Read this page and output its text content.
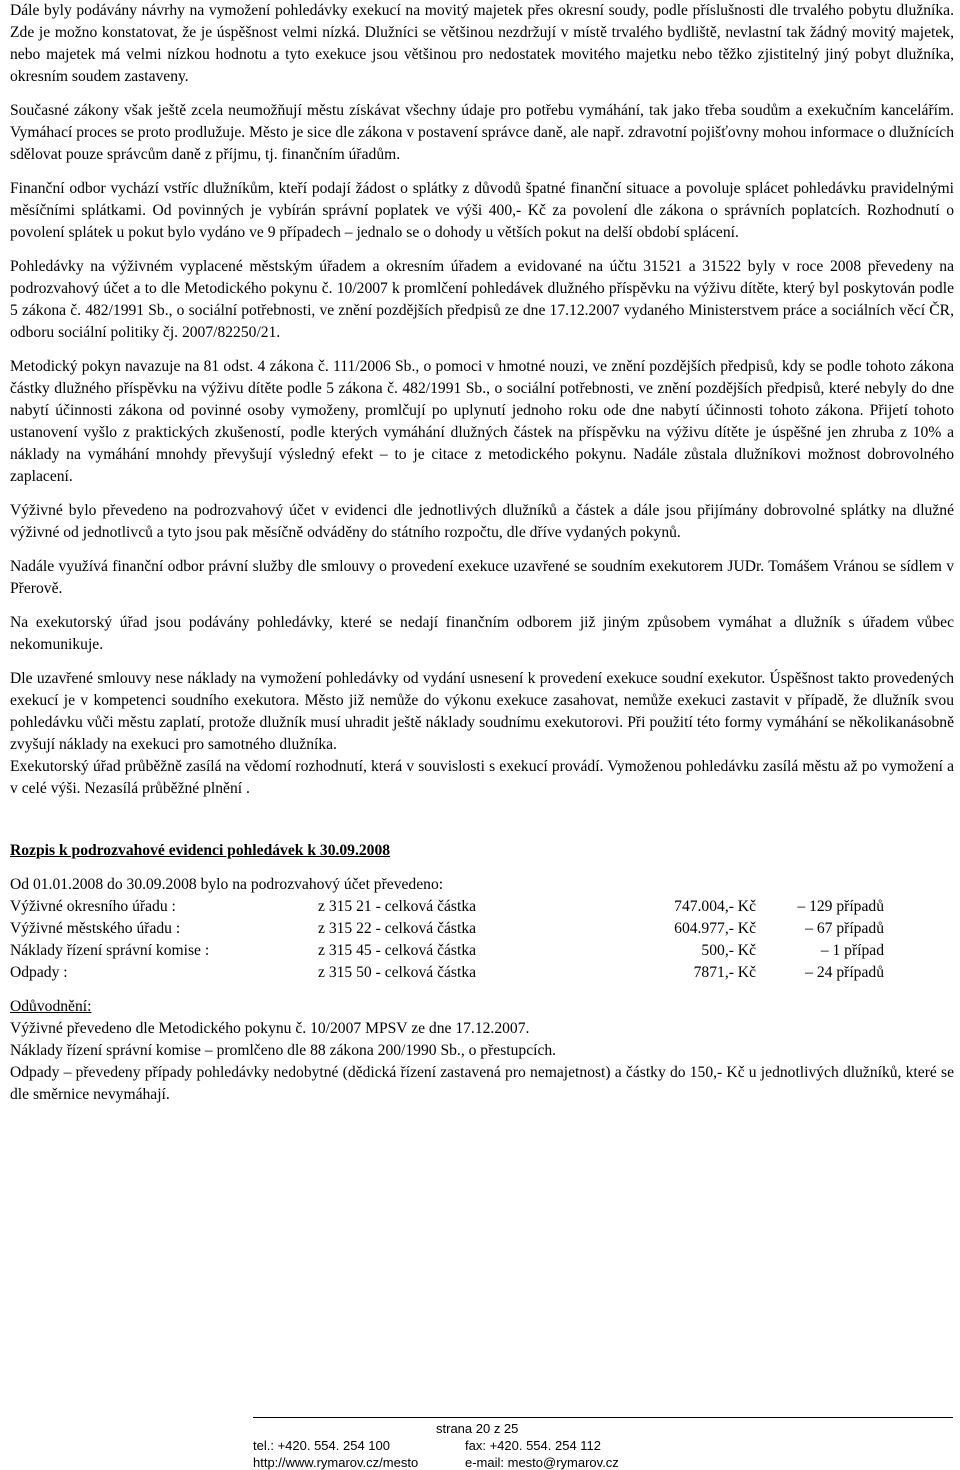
Dále byly podávány návrhy na vymožení pohledávky exekucí na movitý majetek přes okresní soudy, podle příslušnosti dle trvalého pobytu dlužníka. Zde je možno konstatovat, že je úspěšnost velmi nízká. Dlužníci se většinou nezdržují v místě trvalého bydliště, nevlastní tak žádný movitý majetek, nebo majetek má velmi nízkou hodnotu a tyto exekuce jsou většinou pro nedostatek movitého majetku nebo těžko zjistitelný jiný pobyt dlužníka, okresním soudem zastaveny.

Současné zákony však ještě zcela neumožňují městu získávat všechny údaje pro potřebu vymáhání, tak jako třeba soudům a exekučním kancelářím. Vymáhací proces se proto prodlužuje. Město je sice dle zákona v postavení správce daně, ale např. zdravotní pojišťovny mohou informace o dlužnících sdělovat pouze správcům daně z příjmu, tj. finančním úřadům.

Finanční odbor vychází vstříc dlužníkům, kteří podají žádost o splátky z důvodů špatné finanční situace a povoluje splácet pohledávku pravidelnými měsíčními splátkami. Od povinných je vybírán správní poplatek ve výši 400,- Kč za povolení dle zákona o správních poplatcích. Rozhodnutí o povolení splátek u pokut bylo vydáno ve 9 případech – jednalo se o dohody u větších pokut na delší období splácení.

Pohledávky na výživném vyplacené městským úřadem a okresním úřadem a evidované na účtu 31521 a 31522 byly v roce 2008 převedeny na podrozvahový účet a to dle Metodického pokynu č. 10/2007 k promlčení pohledávek dlužného příspěvku na výživu dítěte, který byl poskytován podle 5 zákona č. 482/1991 Sb., o sociální potřebnosti, ve znění pozdějších předpisů ze dne 17.12.2007 vydaného Ministerstvem práce a sociálních věcí ČR, odboru sociální politiky čj. 2007/82250/21.

Metodický pokyn navazuje na 81 odst. 4 zákona č. 111/2006 Sb., o pomoci v hmotné nouzi, ve znění pozdějších předpisů, kdy se podle tohoto zákona částky dlužného příspěvku na výživu dítěte podle 5 zákona č. 482/1991 Sb., o sociální potřebnosti, ve znění pozdějších předpisů, které nebyly do dne nabytí účinnosti zákona od povinné osoby vymoženy, promlčují po uplynutí jednoho roku ode dne nabytí účinnosti tohoto zákona. Přijetí tohoto ustanovení vyšlo z praktických zkušeností, podle kterých vymáhání dlužných částek na příspěvku na výživu dítěte je úspěšné jen zhruba z 10% a náklady na vymáhání mnohdy převyšují výsledný efekt – to je citace z metodického pokynu. Nadále zůstala dlužníkovi možnost dobrovolného zaplacení.

Výživné bylo převedeno na podrozvahový účet v evidenci dle jednotlivých dlužníků a částek a dále jsou přijímány dobrovolné splátky na dlužné výživné od jednotlivců a tyto jsou pak měsíčně odváděny do státního rozpočtu, dle dříve vydaných pokynů.

Nadále využívá finanční odbor právní služby dle smlouvy o provedení exekuce uzavřené se soudním exekutorem JUDr. Tomášem Vránou se sídlem v Přerově.

Na exekutorský úřad jsou podávány pohledávky, které se nedají finančním odborem již jiným způsobem vymáhat a dlužník s úřadem vůbec nekomunikuje.

Dle uzavřené smlouvy nese náklady na vymožení pohledávky od vydání usnesení k provedení exekuce soudní exekutor. Úspěšnost takto provedených exekucí je v kompetenci soudního exekutora. Město již nemůže do výkonu exekuce zasahovat, nemůže exekuci zastavit v případě, že dlužník svou pohledávku vůči městu zaplatí, protože dlužník musí uhradit ještě náklady soudnímu exekutorovi. Při použití této formy vymáhání se několikanásobně zvyšují náklady na exekuci pro samotného dlužníka.

Exekutorský úřad průběžně zasílá na vědomí rozhodnutí, která v souvislosti s exekucí provádí. Vymoženou pohledávku zasílá městu až po vymožení a v celé výši. Nezasílá průběžné plnění .

Rozpis k podrozvahové evidenci pohledávek k 30.09.2008

Od 01.01.2008 do 30.09.2008 bylo na podrozvahový účet převedeno:

Výživné okresního úřadu :	z 315 21 - celková částka	747.004,- Kč	– 129 případů
Výživné městského úřadu :	z 315 22 - celková částka	604.977,- Kč	– 67 případů
Náklady řízení správní komise :	z 315 45 - celková částka	500,- Kč	– 1 případ
Odpady :	z 315 50 - celková částka	7871,- Kč	– 24 případů

Odůvodnění:

Výživné převedeno dle Metodického pokynu č. 10/2007 MPSV ze dne 17.12.2007.

Náklady řízení správní komise – promlčeno dle 88 zákona 200/1990 Sb., o přestupcích.

Odpady – převedeny případy pohledávky nedobytné (dědická řízení zastavená pro nemajetnost) a částky do 150,- Kč u jednotlivých dlužníků, které se dle směrnice nevymáhají.

strana 20 z 25
tel.: +420. 554. 254 100	fax: +420. 554. 254 112
http://www.rymarov.cz/mesto	e-mail: mesto@rymarov.cz
